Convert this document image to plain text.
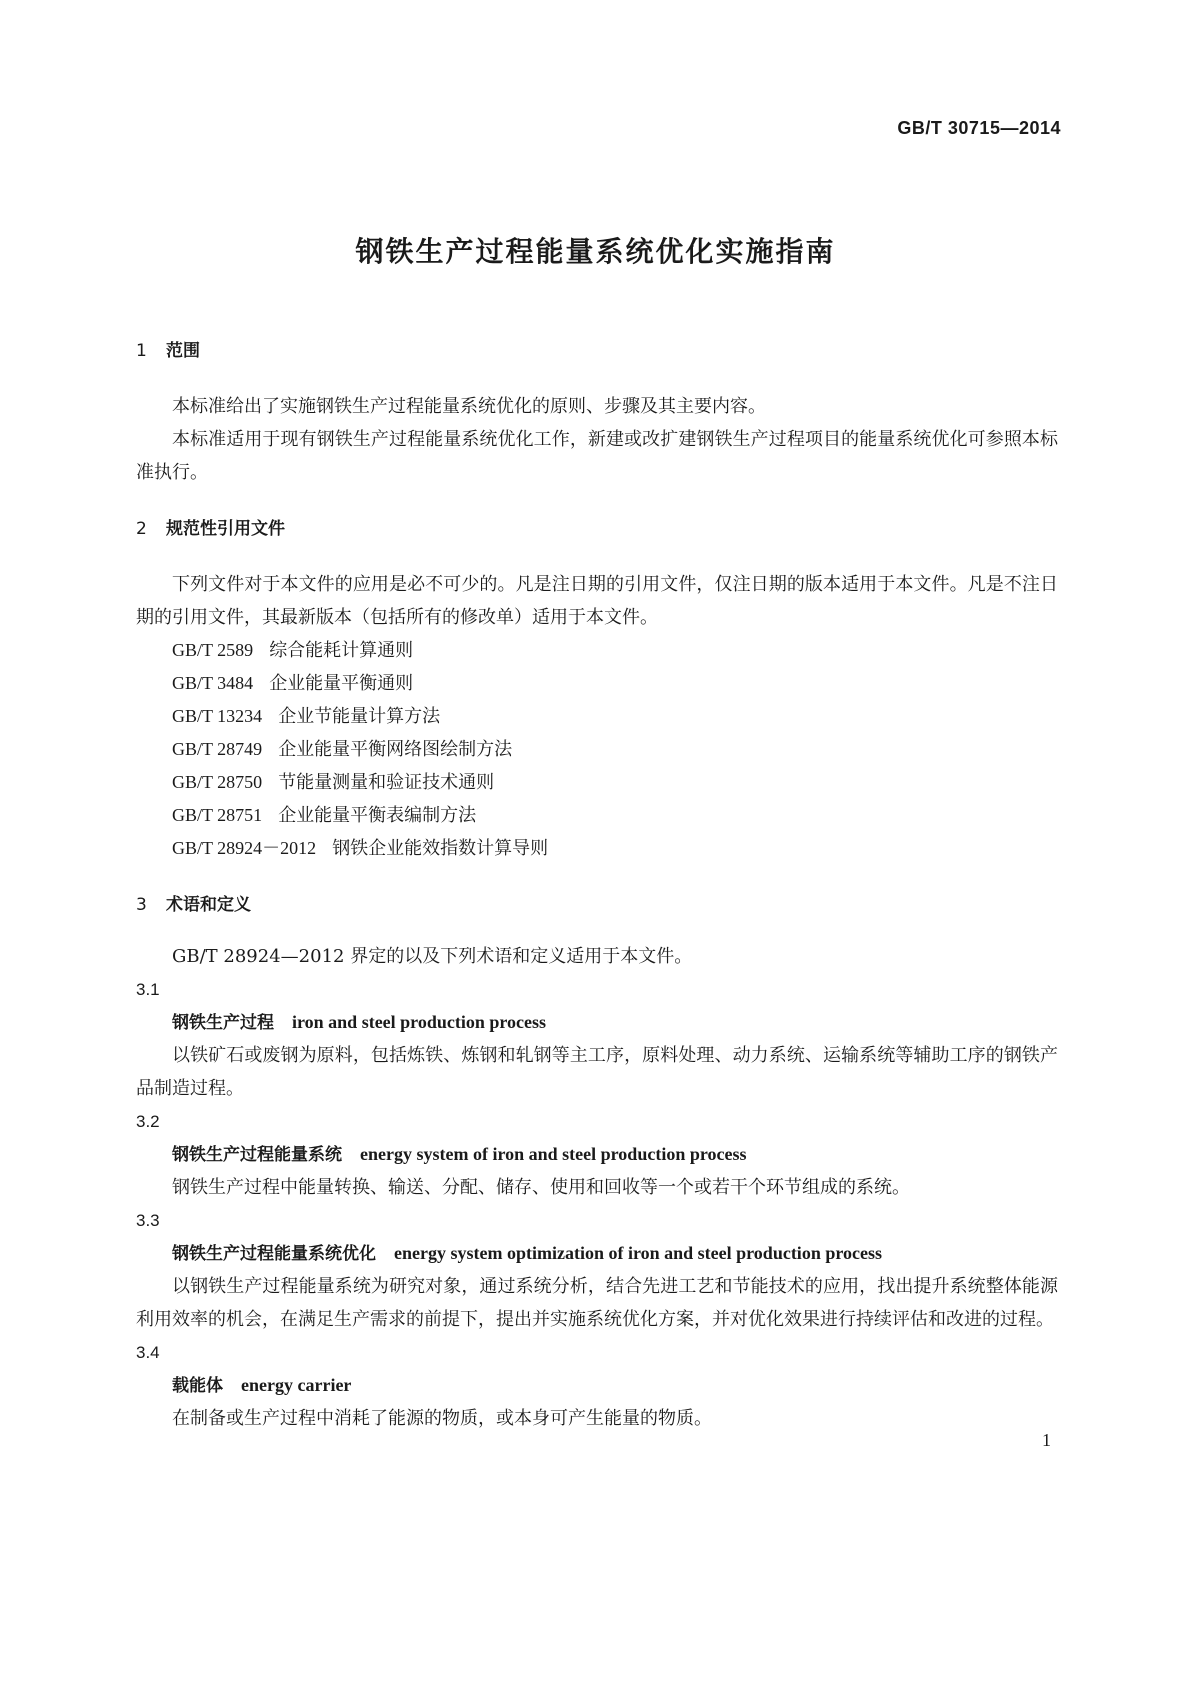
GB/T 30715—2014
钢铁生产过程能量系统优化实施指南
1 范围

本标准给出了实施钢铁生产过程能量系统优化的原则、步骤及其主要内容。

本标准适用于现有钢铁生产过程能量系统优化工作，新建或改扩建钢铁生产过程项目的能量系统优化可参照本标准执行。

2 规范性引用文件

下列文件对于本文件的应用是必不可少的。凡是注日期的引用文件，仅注日期的版本适用于本文件。凡是不注日期的引用文件，其最新版本（包括所有的修改单）适用于本文件。

GB/T 2589 综合能耗计算通则
GB/T 3484 企业能量平衡通则
GB/T 13234 企业节能量计算方法
GB/T 28749 企业能量平衡网络图绘制方法
GB/T 28750 节能量测量和验证技术通则
GB/T 28751 企业能量平衡表编制方法
GB/T 28924－2012 钢铁企业能效指数计算导则
3 术语和定义

GB/T 28924—2012 界定的以及下列术语和定义适用于本文件。

3.1

钢铁生产过程 iron and steel production process

以铁矿石或废钢为原料，包括炼铁、炼钢和轧钢等主工序，原料处理、动力系统、运输系统等辅助工序的钢铁产品制造过程。

3.2

钢铁生产过程能量系统 energy system of iron and steel production process

钢铁生产过程中能量转换、输送、分配、储存、使用和回收等一个或若干个环节组成的系统。

3.3

钢铁生产过程能量系统优化 energy system optimization of iron and steel production process

以钢铁生产过程能量系统为研究对象，通过系统分析，结合先进工艺和节能技术的应用，找出提升系统整体能源利用效率的机会，在满足生产需求的前提下，提出并实施系统优化方案，并对优化效果进行持续评估和改进的过程。

3.4

载能体 energy carrier

在制备或生产过程中消耗了能源的物质，或本身可产生能量的物质。

1
